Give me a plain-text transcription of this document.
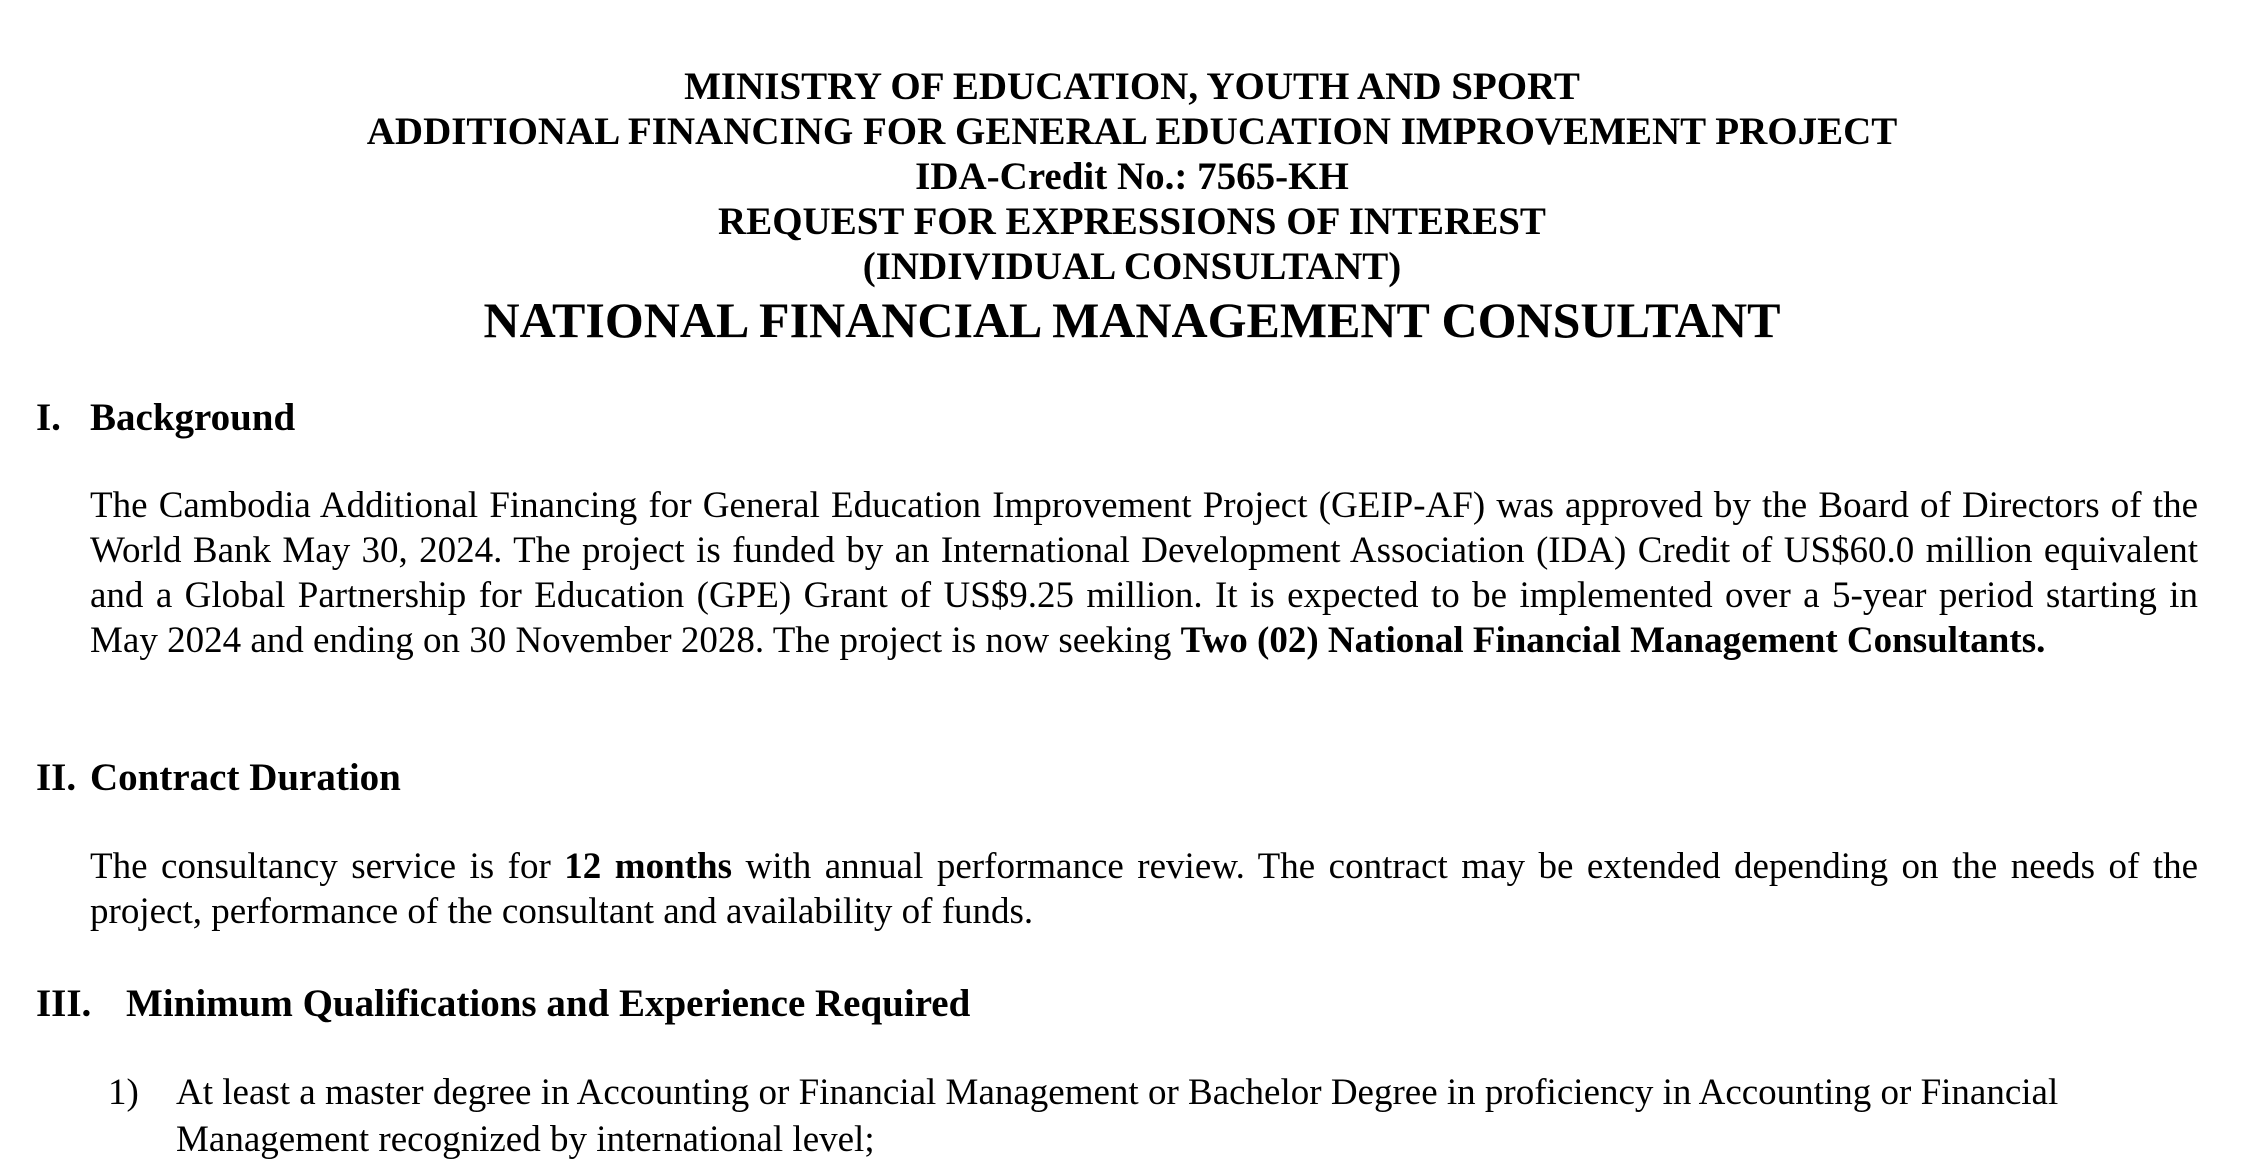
MINISTRY OF EDUCATION, YOUTH AND SPORT
ADDITIONAL FINANCING FOR GENERAL EDUCATION IMPROVEMENT PROJECT
IDA-Credit No.: 7565-KH
REQUEST FOR EXPRESSIONS OF INTEREST
(INDIVIDUAL CONSULTANT)
NATIONAL FINANCIAL MANAGEMENT CONSULTANT
I. Background
The Cambodia Additional Financing for General Education Improvement Project (GEIP-AF) was approved by the Board of Directors of the World Bank May 30, 2024. The project is funded by an International Development Association (IDA) Credit of US$60.0 million equivalent and a Global Partnership for Education (GPE) Grant of US$9.25 million. It is expected to be implemented over a 5-year period starting in May 2024 and ending on 30 November 2028. The project is now seeking Two (02) National Financial Management Consultants.
II. Contract Duration
The consultancy service is for 12 months with annual performance review. The contract may be extended depending on the needs of the project, performance of the consultant and availability of funds.
III. Minimum Qualifications and Experience Required
1) At least a master degree in Accounting or Financial Management or Bachelor Degree in proficiency in Accounting or Financial Management recognized by international level;
